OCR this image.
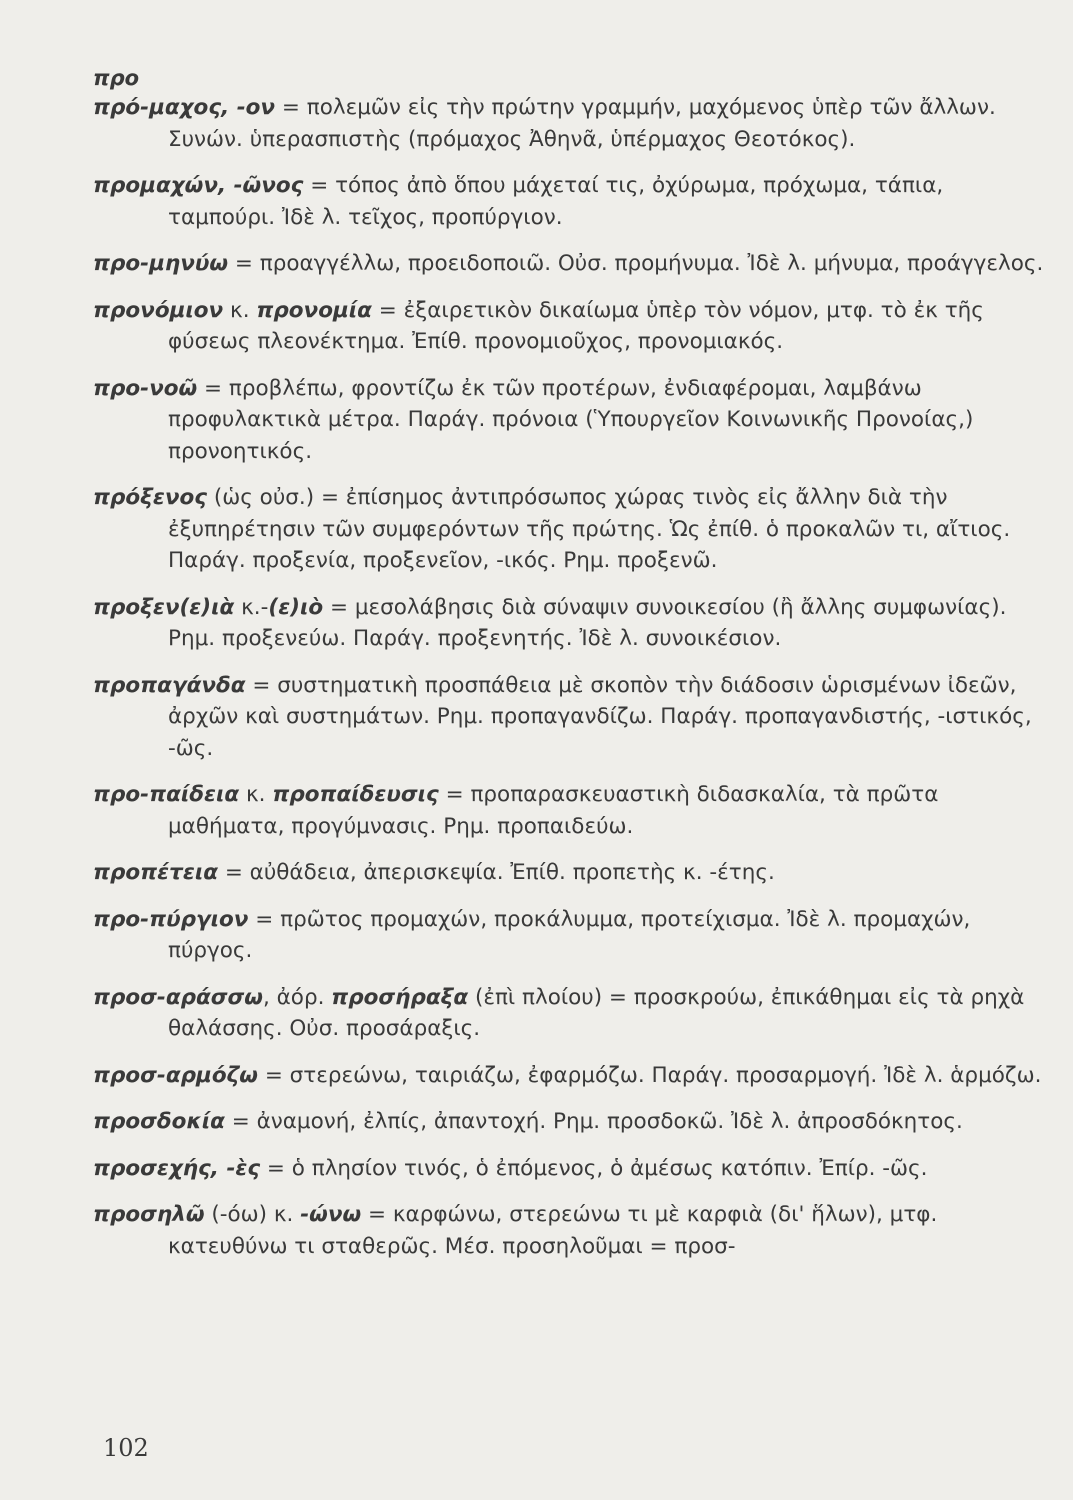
προ

πρό-μαχος, -ον = πολεμῶν εἰς τὴν πρώτην γραμμήν, μαχόμενος ὑπὲρ τῶν ἄλλων. Συνών. ὑπερασπιστὴς (πρόμαχος Ἀθηνᾶ, ὑπέρμαχος Θεοτόκος).

προμαχών, -ῶνος = τόπος ἀπὸ ὅπου μάχεταί τις, ὀχύρωμα, πρόχωμα, τάπια, ταμπούρι. Ἰδὲ λ. τεῖχος, προπύργιον.

προ-μηνύω = προαγγέλλω, προειδοποιῶ. Οὐσ. προμήνυμα. Ἰδὲ λ. μήνυμα, προάγγελος.

προνόμιον κ. προνομία = ἐξαιρετικὸν δικαίωμα ὑπὲρ τὸν νόμον, μτφ. τὸ ἐκ τῆς φύσεως πλεονέκτημα. Ἐπίθ. προνομιοῦχος, προνομιακός.

προ-νοῶ = προβλέπω, φροντίζω ἐκ τῶν προτέρων, ἐνδιαφέρομαι, λαμβάνω προφυλακτικὰ μέτρα. Παράγ. πρόνοια (Ὑπουργεῖον Κοινωνικῆς Προνοίας,) προνοητικός.

πρόξενος (ὡς οὐσ.) = ἐπίσημος ἀντιπρόσωπος χώρας τινὸς εἰς ἄλλην διὰ τὴν ἐξυπηρέτησιν τῶν συμφερόντων τῆς πρώτης. Ὡς ἐπίθ. ὁ προκαλῶν τι, αἴτιος. Παράγ. προξενία, προξενεῖον, -ικός. Ρημ. προξενῶ.

προξεν(ε)ιὰ κ.-(ε)ιὸ = μεσολάβησις διὰ σύναψιν συνοικεσίου (ἢ ἄλλης συμφωνίας). Ρημ. προξενεύω. Παράγ. προξενητής. Ἰδὲ λ. συνοικέσιον.

προπαγάνδα = συστηματικὴ προσπάθεια μὲ σκοπὸν τὴν διάδοσιν ὡρισμένων ἰδεῶν, ἀρχῶν καὶ συστημάτων. Ρημ. προπαγανδίζω. Παράγ. προπαγανδιστής, -ιστικός, -ῶς.

προ-παίδεια κ. προπαίδευσις = προπαρασκευαστικὴ διδασκαλία, τὰ πρῶτα μαθήματα, προγύμνασις. Ρημ. προπαιδεύω.

προπέτεια = αὐθάδεια, ἀπερισκεψία. Ἐπίθ. προπετὴς κ. -έτης.

προ-πύργιον = πρῶτος προμαχών, προκάλυμμα, προτείχισμα. Ἰδὲ λ. προμαχών, πύργος.

προσ-αράσσω, ἀόρ. προσήραξα (ἐπὶ πλοίου) = προσκρούω, ἐπικάθημαι εἰς τὰ ρηχὰ θαλάσσης. Οὐσ. προσάραξις.

προσ-αρμόζω = στερεώνω, ταιριάζω, ἐφαρμόζω. Παράγ. προσαρμογή. Ἰδὲ λ. ἁρμόζω.

προσδοκία = ἀναμονή, ἐλπίς, ἀπαντοχή. Ρημ. προσδοκῶ. Ἰδὲ λ. ἀπροσδόκητος.

προσεχής, -ὲς = ὁ πλησίον τινός, ὁ ἐπόμενος, ὁ ἀμέσως κατόπιν. Ἐπίρ. -ῶς.

προσηλῶ (-όω) κ. -ώνω = καρφώνω, στερεώνω τι μὲ καρφιὰ (δι' ἥλων), μτφ. κατευθύνω τι σταθερῶς. Μέσ. προσηλοῦμαι = προσ-

102
